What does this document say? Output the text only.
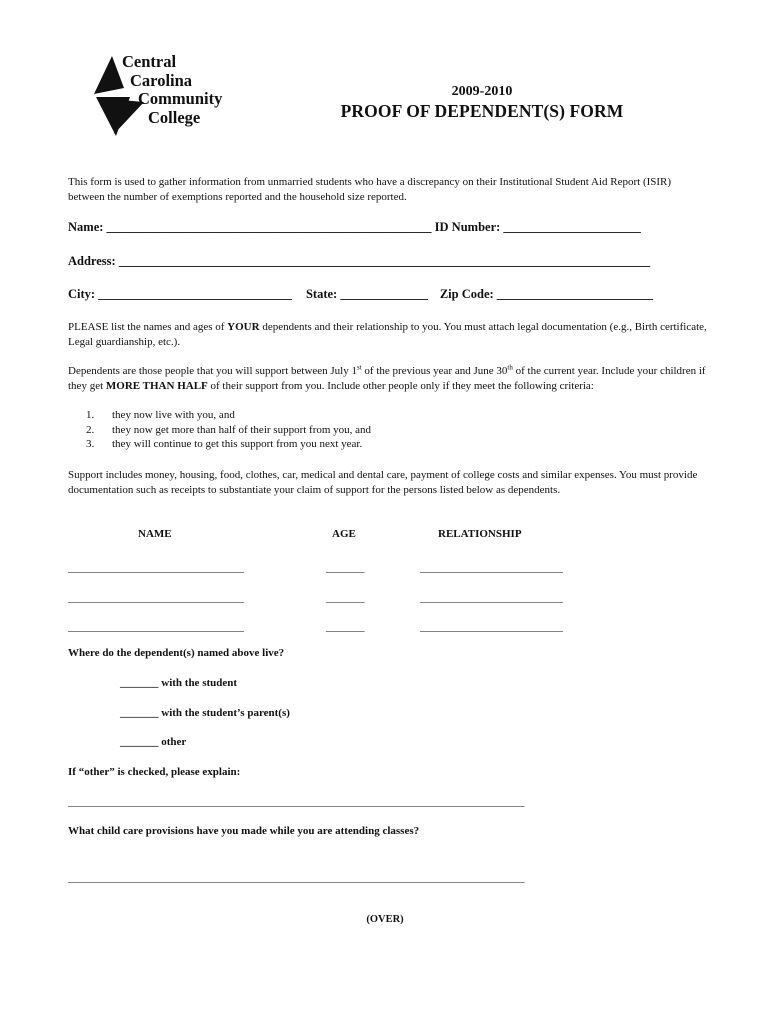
Central
Carolina
Community
College
2009-2010
PROOF OF DEPENDENT(S) FORM
This form is used to gather information from unmarried students who have a discrepancy on their Institutional Student Aid Report (ISIR) between the number of exemptions reported and the household size reported.
Name: ____________________________________________________ ID Number: ______________________
Address: _____________________________________________________________________________________
City: _______________________________ State: ______________ Zip Code: _________________________
PLEASE list the names and ages of YOUR dependents and their relationship to you. You must attach legal documentation (e.g., Birth certificate, Legal guardianship, etc.).
Dependents are those people that you will support between July 1st of the previous year and June 30th of the current year. Include your children if they get MORE THAN HALF of their support from you. Include other people only if they meet the following criteria:
1. they now live with you, and
2. they now get more than half of their support from you, and
3. they will continue to get this support from you next year.
Support includes money, housing, food, clothes, car, medical and dental care, payment of college costs and similar expenses. You must provide documentation such as receipts to substantiate your claim of support for the persons listed below as dependents.
NAME	AGE	RELATIONSHIP
________________________________	_______	__________________________
________________________________	_______	__________________________
________________________________	_______	__________________________
Where do the dependent(s) named above live?
_______ with the student
_______ with the student’s parent(s)
_______ other
If “other” is checked, please explain:
___________________________________________________________________________________
What child care provisions have you made while you are attending classes?
___________________________________________________________________________________
(OVER)
